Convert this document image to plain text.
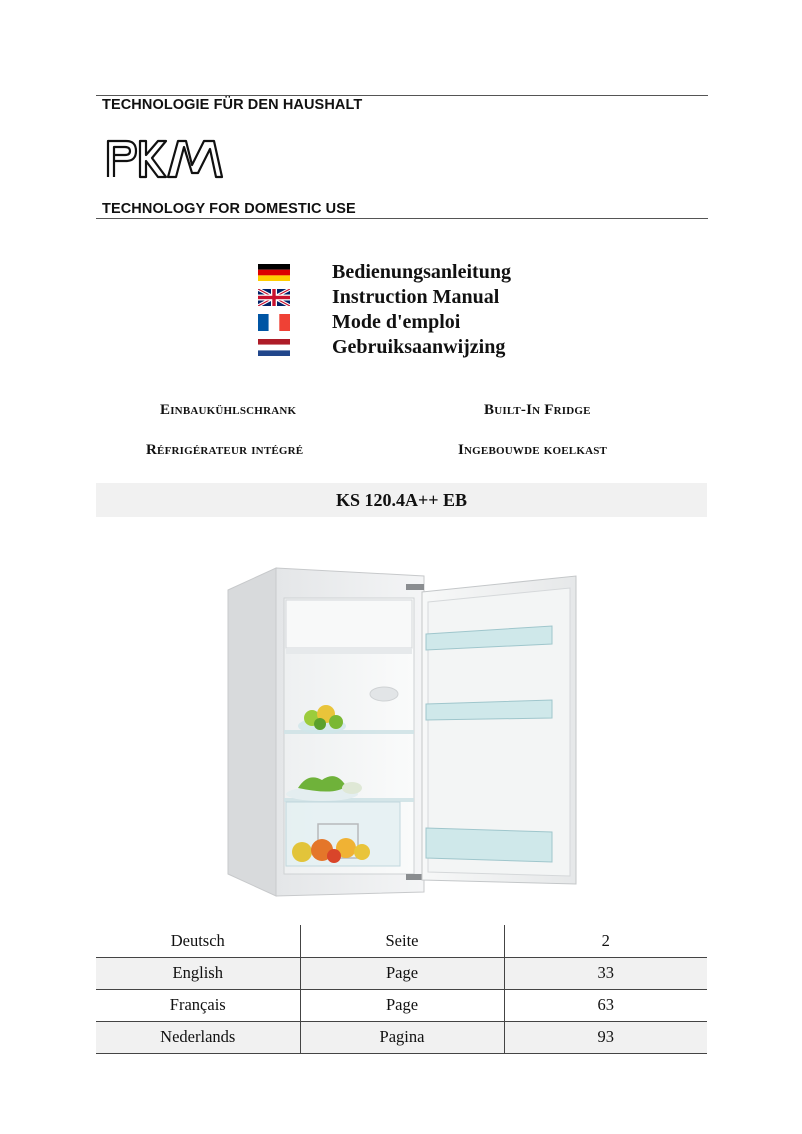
TECHNOLOGIE FÜR DEN HAUSHALT
TECHNOLOGY FOR DOMESTIC USE
Bedienungsanleitung
Instruction Manual
Mode d'emploi
Gebruiksaanwijzing
Einbaukühlschrank	Built-In Fridge
Réfrigérateur intégré	Ingebouwde koelkast
KS 120.4A++ EB
Deutsch	Seite	2
English	Page	33
Français	Page	63
Nederlands	Pagina	93
